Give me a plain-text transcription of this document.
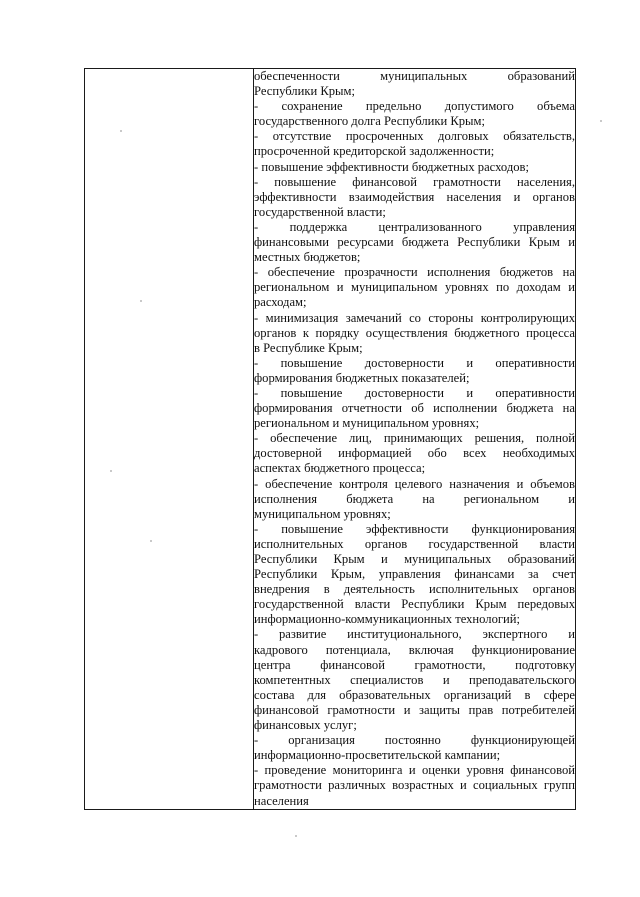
обеспеченности муниципальных образований
Республики Крым;
- сохранение предельно допустимого объема
государственного долга Республики Крым;
- отсутствие просроченных долговых обязательств,
просроченной кредиторской задолженности;
- повышение эффективности бюджетных расходов;
- повышение финансовой грамотности населения,
эффективности взаимодействия населения и органов
государственной власти;
- поддержка централизованного управления
финансовыми ресурсами бюджета Республики Крым и
местных бюджетов;
- обеспечение прозрачности исполнения бюджетов на
региональном и муниципальном уровнях по доходам и
расходам;
- минимизация замечаний со стороны контролирующих
органов к порядку осуществления бюджетного процесса
в Республике Крым;
- повышение достоверности и оперативности
формирования бюджетных показателей;
- повышение достоверности и оперативности
формирования отчетности об исполнении бюджета на
региональном и муниципальном уровнях;
- обеспечение лиц, принимающих решения, полной
достоверной информацией обо всех необходимых
аспектах бюджетного процесса;
- обеспечение контроля целевого назначения и объемов
исполнения бюджета на региональном и
муниципальном уровнях;
- повышение эффективности функционирования
исполнительных органов государственной власти
Республики Крым и муниципальных образований
Республики Крым, управления финансами за счет
внедрения в деятельность исполнительных органов
государственной власти Республики Крым передовых
информационно-коммуникационных технологий;
- развитие институционального, экспертного и
кадрового потенциала, включая функционирование
центра финансовой грамотности, подготовку
компетентных специалистов и преподавательского
состава для образовательных организаций в сфере
финансовой грамотности и защиты прав потребителей
финансовых услуг;
- организация постоянно функционирующей
информационно-просветительской кампании;
- проведение мониторинга и оценки уровня финансовой
грамотности различных возрастных и социальных групп
населения
